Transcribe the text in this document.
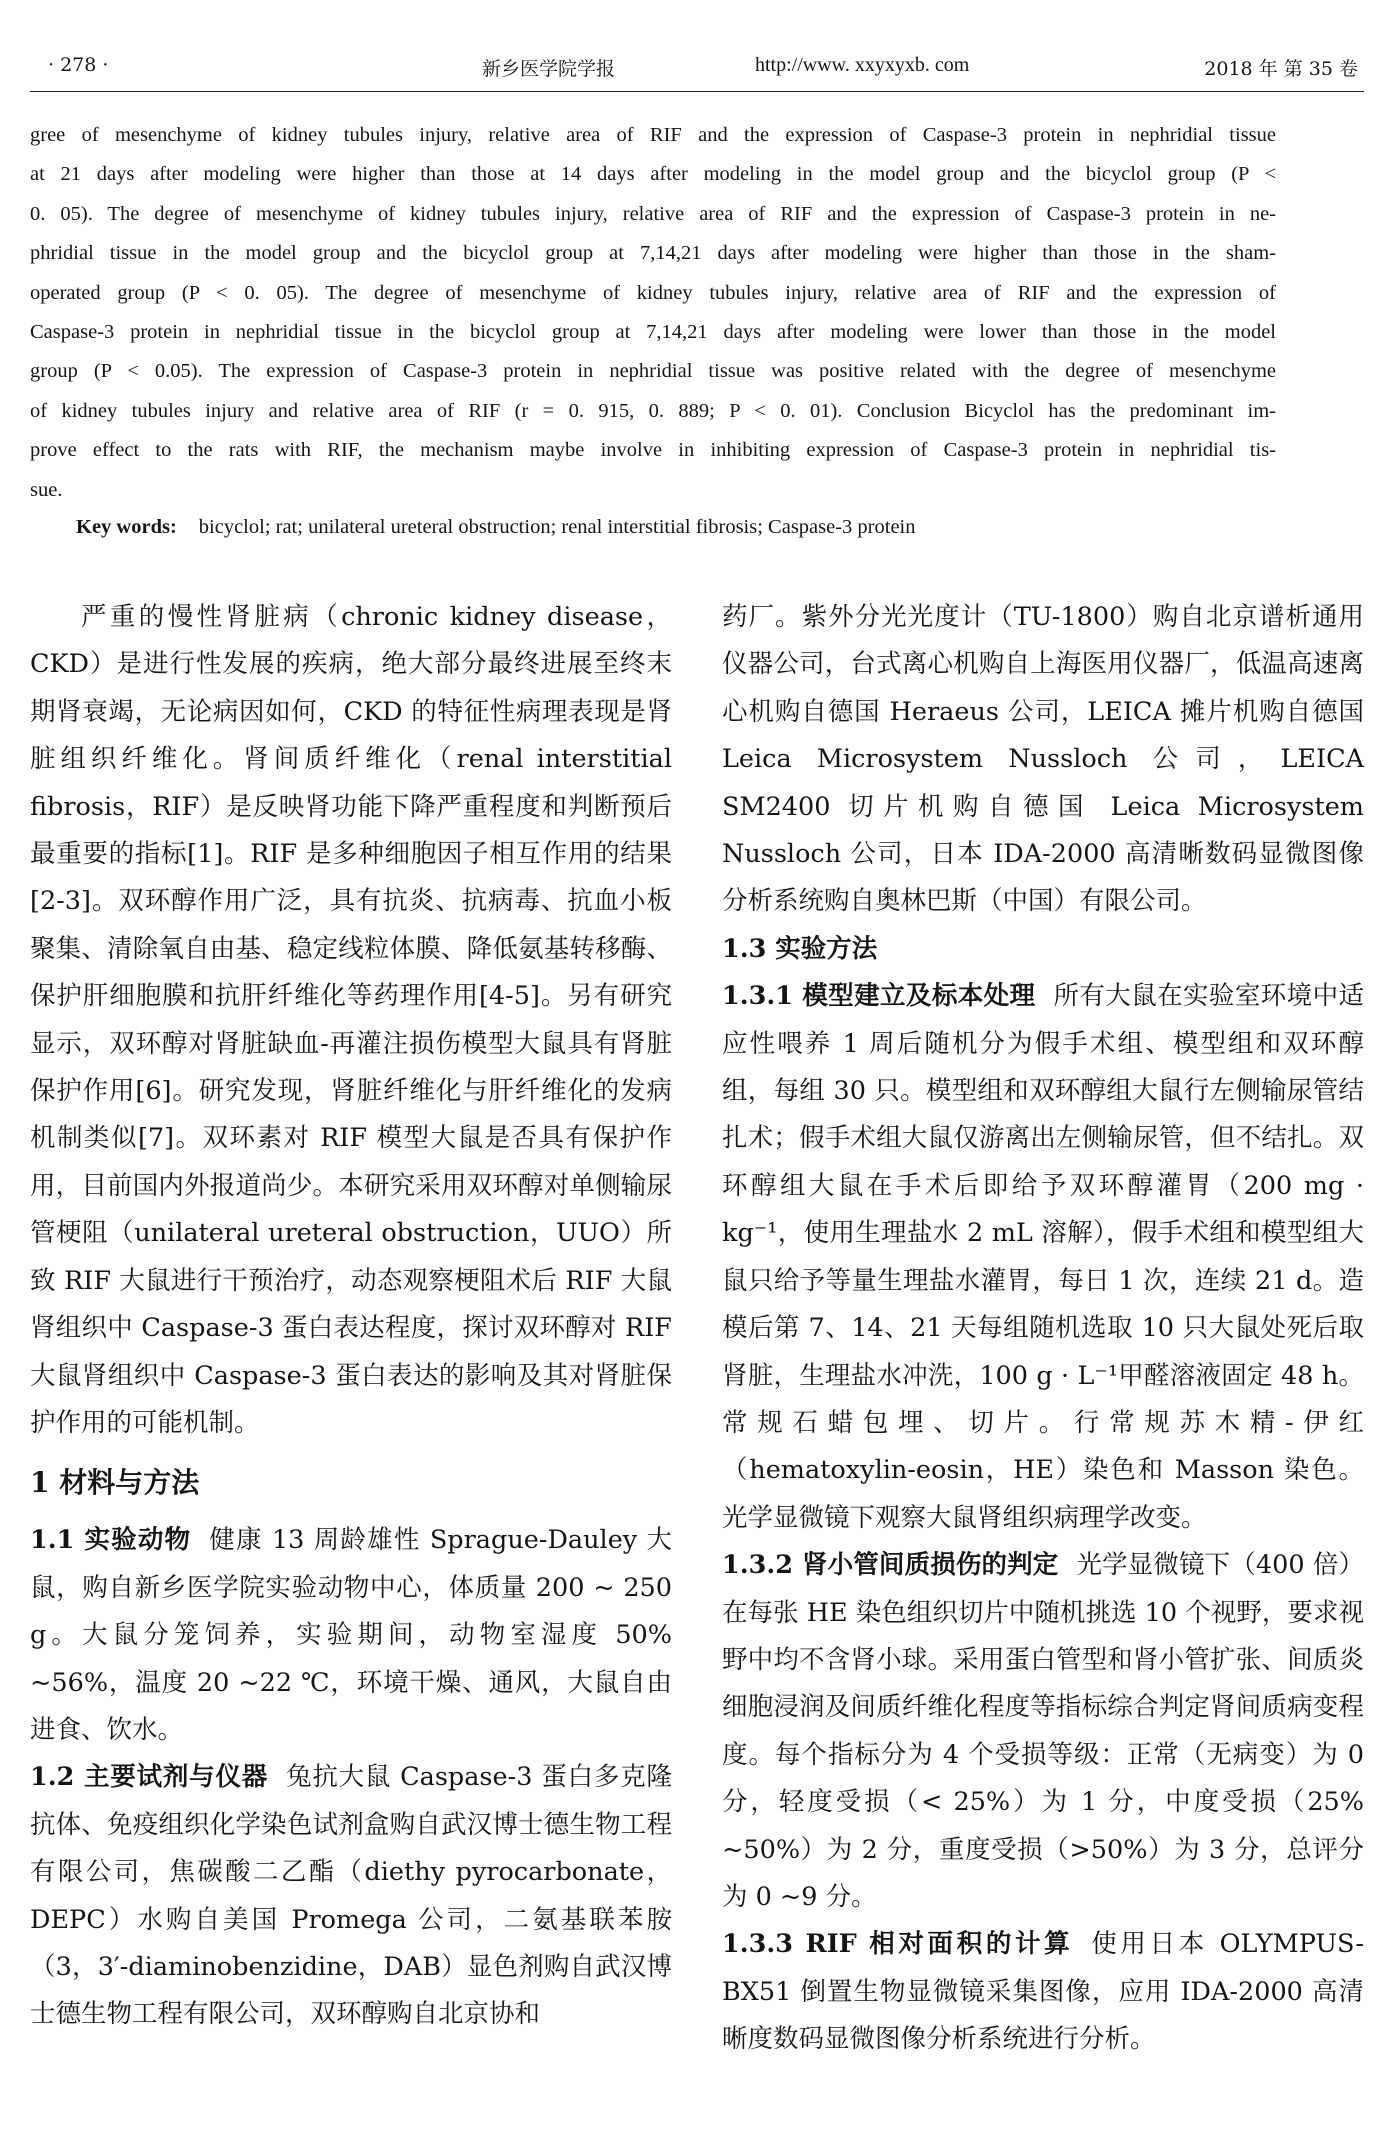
· 278 ·	新乡医学院学报	http://www. xxyxyxb. com	2018 年 第 35 卷

gree of mesenchyme of kidney tubules injury, relative area of RIF and the expression of Caspase-3 protein in nephridial tissue

at 21 days after modeling were higher than those at 14 days after modeling in the model group and the bicyclol group (P <

0. 05). The degree of mesenchyme of kidney tubules injury, relative area of RIF and the expression of Caspase-3 protein in ne-

phridial tissue in the model group and the bicyclol group at 7,14,21 days after modeling were higher than those in the sham-

operated group (P < 0. 05). The degree of mesenchyme of kidney tubules injury, relative area of RIF and the expression of

Caspase-3 protein in nephridial tissue in the bicyclol group at 7,14,21 days after modeling were lower than those in the model

group (P < 0.05). The expression of Caspase-3 protein in nephridial tissue was positive related with the degree of mesenchyme

of kidney tubules injury and relative area of RIF (r = 0. 915, 0. 889; P < 0. 01). Conclusion Bicyclol has the predominant im-

prove effect to the rats with RIF, the mechanism maybe involve in inhibiting expression of Caspase-3 protein in nephridial tis-

sue.

Key words: bicyclol; rat; unilateral ureteral obstruction; renal interstitial fibrosis; Caspase-3 protein

严重的慢性肾脏病（chronic kidney disease，CKD）是进行性发展的疾病，绝大部分最终进展至终末期肾衰竭，无论病因如何，CKD 的特征性病理表现是肾脏组织纤维化。肾间质纤维化（renal interstitial fibrosis，RIF）是反映肾功能下降严重程度和判断预后最重要的指标[1]。RIF 是多种细胞因子相互作用的结果[2-3]。双环醇作用广泛，具有抗炎、抗病毒、抗血小板聚集、清除氧自由基、稳定线粒体膜、降低氨基转移酶、保护肝细胞膜和抗肝纤维化等药理作用[4-5]。另有研究显示，双环醇对肾脏缺血-再灌注损伤模型大鼠具有肾脏保护作用[6]。研究发现，肾脏纤维化与肝纤维化的发病机制类似[7]。双环素对 RIF 模型大鼠是否具有保护作用，目前国内外报道尚少。本研究采用双环醇对单侧输尿管梗阻（unilateral ureteral obstruction，UUO）所致 RIF 大鼠进行干预治疗，动态观察梗阻术后 RIF 大鼠肾组织中 Caspase-3 蛋白表达程度，探讨双环醇对 RIF 大鼠肾组织中 Caspase-3 蛋白表达的影响及其对肾脏保护作用的可能机制。

1 材料与方法

1.1 实验动物 健康 13 周龄雄性 Sprague-Dauley 大鼠，购自新乡医学院实验动物中心，体质量 200 ~ 250 g。大鼠分笼饲养，实验期间，动物室湿度 50% ~56%，温度 20 ~22 ℃，环境干燥、通风，大鼠自由进食、饮水。

1.2 主要试剂与仪器 兔抗大鼠 Caspase-3 蛋白多克隆抗体、免疫组织化学染色试剂盒购自武汉博士德生物工程有限公司，焦碳酸二乙酯（diethy pyrocarbonate，DEPC）水购自美国 Promega 公司，二氨基联苯胺（3，3′-diaminobenzidine，DAB）显色剂购自武汉博士德生物工程有限公司，双环醇购自北京协和

药厂。紫外分光光度计（TU-1800）购自北京谱析通用仪器公司，台式离心机购自上海医用仪器厂，低温高速离心机购自德国 Heraeus 公司，LEICA 摊片机购自德国 Leica Microsystem Nussloch 公司，LEICA SM2400 切片机购自德国 Leica Microsystem Nussloch 公司，日本 IDA-2000 高清晰数码显微图像分析系统购自奥林巴斯（中国）有限公司。

1.3 实验方法

1.3.1 模型建立及标本处理 所有大鼠在实验室环境中适应性喂养 1 周后随机分为假手术组、模型组和双环醇组，每组 30 只。模型组和双环醇组大鼠行左侧输尿管结扎术；假手术组大鼠仅游离出左侧输尿管，但不结扎。双环醇组大鼠在手术后即给予双环醇灌胃（200 mg · kg⁻¹，使用生理盐水 2 mL 溶解），假手术组和模型组大鼠只给予等量生理盐水灌胃，每日 1 次，连续 21 d。造模后第 7、14、21 天每组随机选取 10 只大鼠处死后取肾脏，生理盐水冲洗，100 g · L⁻¹甲醛溶液固定 48 h。常规石蜡包埋、切片。行常规苏木精-伊红（hematoxylin-eosin，HE）染色和 Masson 染色。光学显微镜下观察大鼠肾组织病理学改变。

1.3.2 肾小管间质损伤的判定 光学显微镜下（400 倍）在每张 HE 染色组织切片中随机挑选 10 个视野，要求视野中均不含肾小球。采用蛋白管型和肾小管扩张、间质炎细胞浸润及间质纤维化程度等指标综合判定肾间质病变程度。每个指标分为 4 个受损等级：正常（无病变）为 0 分，轻度受损（< 25%）为 1 分，中度受损（25% ~50%）为 2 分，重度受损（>50%）为 3 分，总评分为 0 ~9 分。

1.3.3 RIF 相对面积的计算 使用日本 OLYMPUS-BX51 倒置生物显微镜采集图像，应用 IDA-2000 高清晰度数码显微图像分析系统进行分析。
